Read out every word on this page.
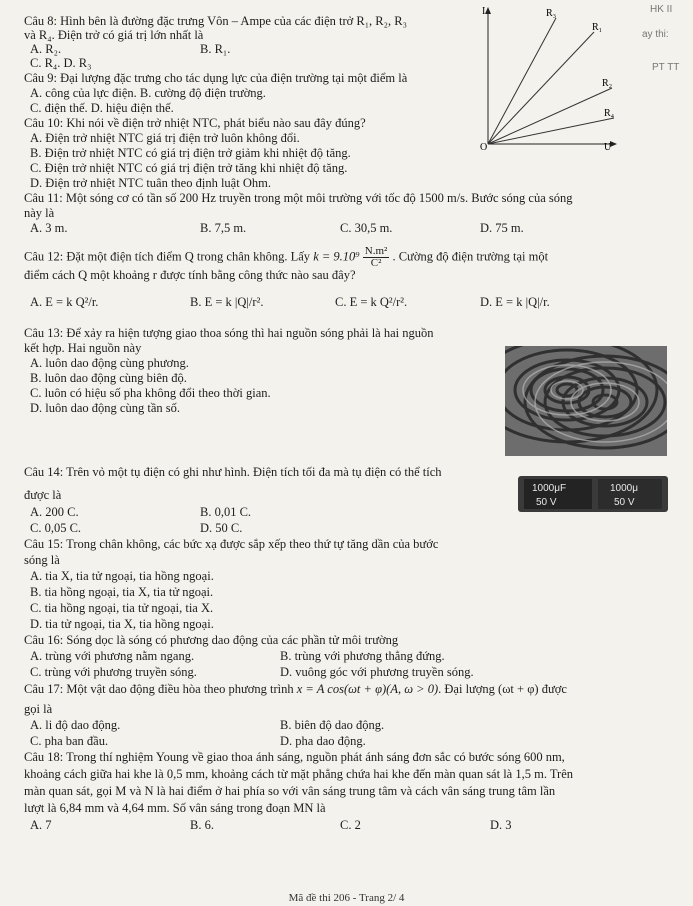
HK II
ay thi:
PT TT
I	R₃
R₁
R₂
R₄
O	U
Câu 8: Hình bên là đường đặc trưng Vôn – Ampe của các điện trở R₁, R₂, R₃
và R₄. Điện trở có giá trị lớn nhất là
A. R₂.	B. R₁.
C. R₄. D. R₃
Câu 9: Đại lượng đặc trưng cho tác dụng lực của điện trường tại một điểm là
A. công của lực điện. B. cường độ điện trường.
C. điện thế. D. hiệu điện thế.
Câu 10: Khi nói về điện trở nhiệt NTC, phát biểu nào sau đây đúng?
A. Điện trở nhiệt NTC giá trị điện trở luôn không đổi.
B. Điện trở nhiệt NTC có giá trị điện trở giảm khi nhiệt độ tăng.
C. Điện trở nhiệt NTC có giá trị điện trở tăng khi nhiệt độ tăng.
D. Điện trở nhiệt NTC tuân theo định luật Ohm.
Câu 11: Một sóng cơ có tần số 200 Hz truyền trong một môi trường với tốc độ 1500 m/s. Bước sóng của sóng
này là
A. 3 m.	B. 7,5 m.	C. 30,5 m.	D. 75 m.
Câu 12: Đặt một điện tích điểm Q trong chân không. Lấy $k = 9.10^9 \frac{\text{N.m²}}{\text{C²}}$ . Cường độ điện trường tại một
điểm cách Q một khoảng r được tính bằng công thức nào sau đây?
A. E = k Q²/r.	B. E = k |Q|/r².	C. E = k Q²/r².	D. E = k |Q|/r.
Câu 13: Để xảy ra hiện tượng giao thoa sóng thì hai nguồn sóng phải là hai nguồn
kết hợp. Hai nguồn này
A. luôn dao động cùng phương.
B. luôn dao động cùng biên độ.
C. luôn có hiệu số pha không đổi theo thời gian.
D. luôn dao động cùng tần số.
Câu 14: Trên vỏ một tụ điện có ghi như hình. Điện tích tối đa mà tụ điện có thể tích
được là
A. 200 C.	B. 0,01 C.
C. 0,05 C.	D. 50 C.
1000μF
50 V
1000μ
50 V
Câu 15: Trong chân không, các bức xạ được sắp xếp theo thứ tự tăng dần của bước
sóng là
A. tia X, tia tử ngoại, tia hồng ngoại.
B. tia hồng ngoại, tia X, tia tử ngoại.
C. tia hồng ngoại, tia tử ngoại, tia X.
D. tia tử ngoại, tia X, tia hồng ngoại.
Câu 16: Sóng dọc là sóng có phương dao động của các phần tử môi trường
A. trùng với phương nằm ngang.	B. trùng với phương thẳng đứng.
C. trùng với phương truyền sóng.	D. vuông góc với phương truyền sóng.
Câu 17: Một vật dao động điều hòa theo phương trình x = A cos(ωt + φ)(A, ω > 0). Đại lượng (ωt + φ) được
gọi là
A. li độ dao động.	B. biên độ dao động.
C. pha ban đầu.	D. pha dao động.
Câu 18: Trong thí nghiệm Young về giao thoa ánh sáng, nguồn phát ánh sáng đơn sắc có bước sóng 600 nm,
khoảng cách giữa hai khe là 0,5 mm, khoảng cách từ mặt phẳng chứa hai khe đến màn quan sát là 1,5 m. Trên
màn quan sát, gọi M và N là hai điểm ở hai phía so với vân sáng trung tâm và cách vân sáng trung tâm lần
lượt là 6,84 mm và 4,64 mm. Số vân sáng trong đoạn MN là
A. 7	B. 6.	C. 2	D. 3
Mã đề thi 206 - Trang 2/ 4
